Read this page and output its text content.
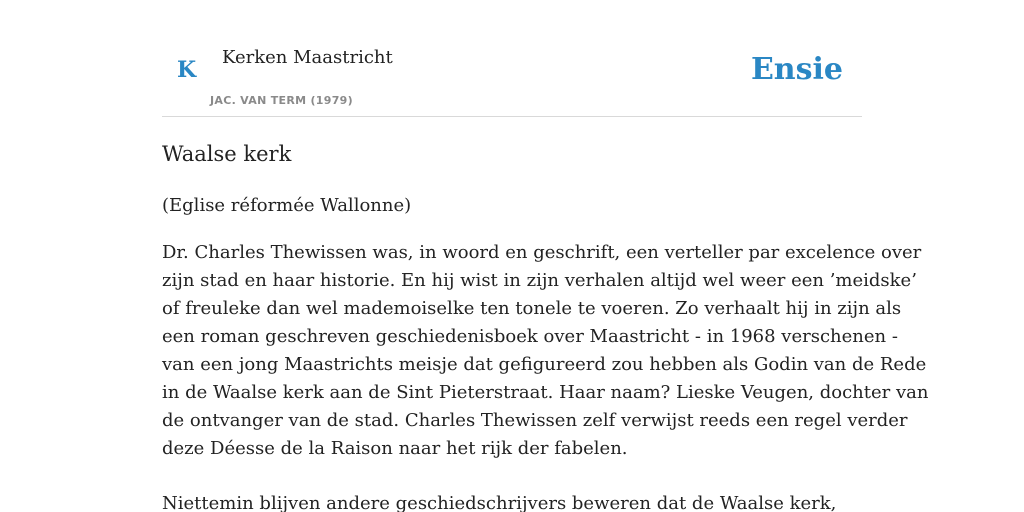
K Kerken Maastricht
JAC. VAN TERM (1979)
Ensie
Waalse kerk

(Eglise réformée Wallonne)

Dr. Charles Thewissen was, in woord en geschrift, een verteller par excelence over
zijn stad en haar historie. En hij wist in zijn verhalen altijd wel weer een ’meidske’
of freuleke dan wel mademoiselke ten tonele te voeren. Zo verhaalt hij in zijn als
een roman geschreven geschiedenisboek over Maastricht - in 1968 verschenen -
van een jong Maastrichts meisje dat gefigureerd zou hebben als Godin van de Rede
in de Waalse kerk aan de Sint Pieterstraat. Haar naam? Lieske Veugen, dochter van
de ontvanger van de stad. Charles Thewissen zelf verwijst reeds een regel verder
deze Déesse de la Raison naar het rijk der fabelen.

Niettemin blijven andere geschiedschrijvers beweren dat de Waalse kerk,
